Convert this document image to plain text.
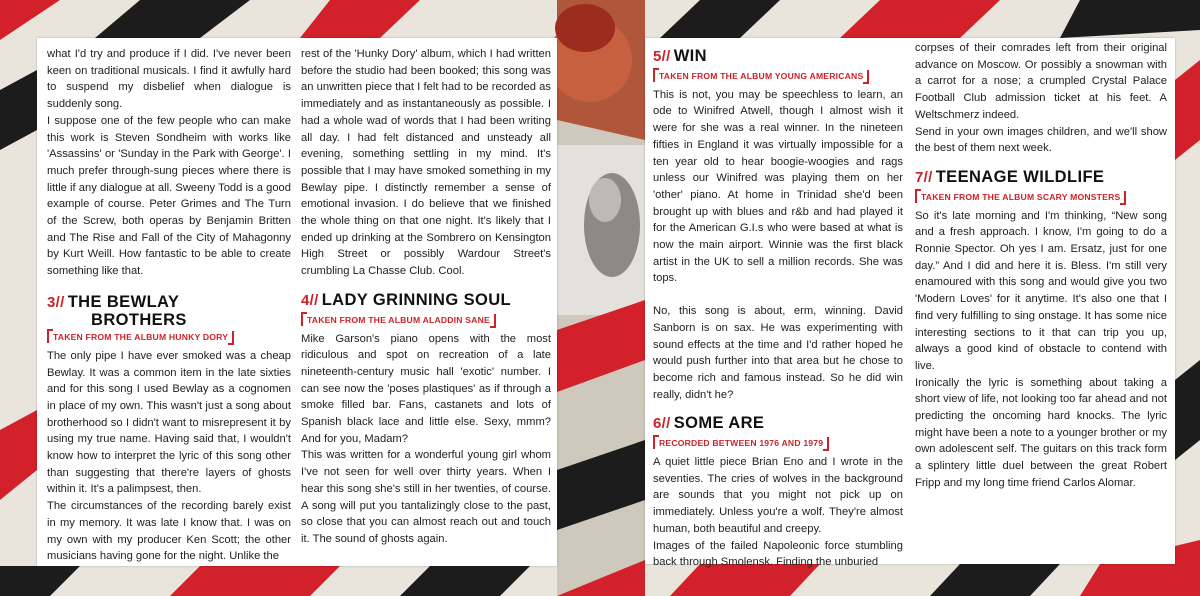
what I'd try and produce if I did. I've never been keen on traditional musicals. I find it awfully hard to suspend my disbelief when dialogue is suddenly song.

I suppose one of the few people who can make this work is Steven Sondheim with works like 'Assassins' or 'Sunday in the Park with George'. I much prefer through-sung pieces where there is little if any dialogue at all. Sweeny Todd is a good example of course. Peter Grimes and The Turn of the Screw, both operas by Benjamin Britten and The Rise and Fall of the City of Mahagonny by Kurt Weill. How fantastic to be able to create something like that.

3// THE BEWLAY
BROTHERS
TAKEN FROM THE ALBUM HUNKY DORY

The only pipe I have ever smoked was a cheap Bewlay. It was a common item in the late sixties and for this song I used Bewlay as a cognomen in place of my own. This wasn't just a song about brotherhood so I didn't want to misrepresent it by using my true name. Having said that, I wouldn't know how to interpret the lyric of this song other than suggesting that there're layers of ghosts within it. It's a palimpsest, then.

The circumstances of the recording barely exist in my memory. It was late I know that. I was on my own with my producer Ken Scott; the other musicians having gone for the night. Unlike the

rest of the 'Hunky Dory' album, which I had written before the studio had been booked; this song was an unwritten piece that I felt had to be recorded as immediately and as instantaneously as possible. I had a whole wad of words that I had been writing all day. I had felt distanced and unsteady all evening, something settling in my mind. It's possible that I may have smoked something in my Bewlay pipe. I distinctly remember a sense of emotional invasion. I do believe that we finished the whole thing on that one night. It's likely that I ended up drinking at the Sombrero on Kensington High Street or possibly Wardour Street's crumbling La Chasse Club. Cool.

4// LADY GRINNING SOUL
TAKEN FROM THE ALBUM ALADDIN SANE

Mike Garson's piano opens with the most ridiculous and spot on recreation of a late nineteenth-century music hall 'exotic' number. I can see now the 'poses plastiques' as if through a smoke filled bar. Fans, castanets and lots of Spanish black lace and little else. Sexy, mmm? And for you, Madam?

This was written for a wonderful young girl whom I've not seen for well over thirty years. When I hear this song she's still in her twenties, of course. A song will put you tantalizingly close to the past, so close that you can almost reach out and touch it. The sound of ghosts again.

5// WIN
TAKEN FROM THE ALBUM YOUNG AMERICANS

This is not, you may be speechless to learn, an ode to Winifred Atwell, though I almost wish it were for she was a real winner. In the nineteen fifties in England it was virtually impossible for a ten year old to hear boogie-woogies and rags unless our Winifred was playing them on her 'other' piano. At home in Trinidad she'd been brought up with blues and r&b and had played it for the American G.I.s who were based at what is now the main airport. Winnie was the first black artist in the UK to sell a million records. She was tops.

No, this song is about, erm, winning. David Sanborn is on sax. He was experimenting with sound effects at the time and I'd rather hoped he would push further into that area but he chose to become rich and famous instead. So he did win really, didn't he?

6// SOME ARE
RECORDED BETWEEN 1976 AND 1979

A quiet little piece Brian Eno and I wrote in the seventies. The cries of wolves in the background are sounds that you might not pick up on immediately. Unless you're a wolf. They're almost human, both beautiful and creepy.

Images of the failed Napoleonic force stumbling back through Smolensk. Finding the unburied

corpses of their comrades left from their original advance on Moscow. Or possibly a snowman with a carrot for a nose; a crumpled Crystal Palace Football Club admission ticket at his feet. A Weltschmerz indeed.

Send in your own images children, and we'll show the best of them next week.

7// TEENAGE WILDLIFE
TAKEN FROM THE ALBUM SCARY MONSTERS

So it's late morning and I'm thinking, “New song and a fresh approach. I know, I'm going to do a Ronnie Spector. Oh yes I am. Ersatz, just for one day.” And I did and here it is. Bless. I'm still very enamoured with this song and would give you two 'Modern Loves' for it anytime. It's also one that I find very fulfilling to sing onstage. It has some nice interesting sections to it that can trip you up, always a good kind of obstacle to contend with live.

Ironically the lyric is something about taking a short view of life, not looking too far ahead and not predicting the oncoming hard knocks. The lyric might have been a note to a younger brother or my own adolescent self. The guitars on this track form a splintery little duel between the great Robert Fripp and my long time friend Carlos Alomar.
